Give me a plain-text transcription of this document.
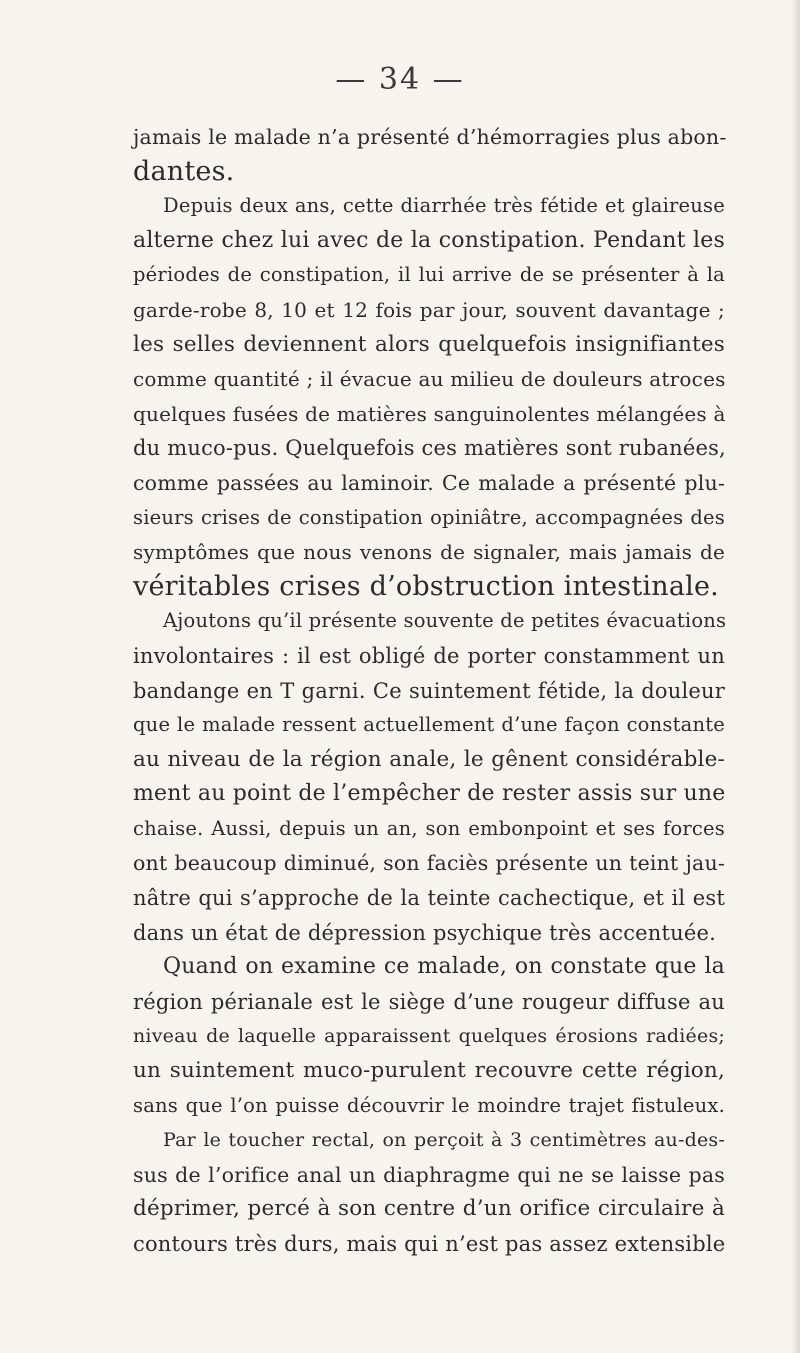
— 34 —
jamais le malade n’a présenté d’hémorragies plus abon-
dantes.
Depuis deux ans, cette diarrhée très fétide et glaireuse
alterne chez lui avec de la constipation. Pendant les
périodes de constipation, il lui arrive de se présenter à la
garde-robe 8, 10 et 12 fois par jour, souvent davantage ;
les selles deviennent alors quelquefois insignifiantes
comme quantité ; il évacue au milieu de douleurs atroces
quelques fusées de matières sanguinolentes mélangées à
du muco-pus. Quelquefois ces matières sont rubanées,
comme passées au laminoir. Ce malade a présenté plu-
sieurs crises de constipation opiniâtre, accompagnées des
symptômes que nous venons de signaler, mais jamais de
véritables crises d’obstruction intestinale.
Ajoutons qu’il présente souvente de petites évacuations
involontaires : il est obligé de porter constamment un
bandange en T garni. Ce suintement fétide, la douleur
que le malade ressent actuellement d’une façon constante
au niveau de la région anale, le gênent considérable-
ment au point de l’empêcher de rester assis sur une
chaise. Aussi, depuis un an, son embonpoint et ses forces
ont beaucoup diminué, son faciès présente un teint jau-
nâtre qui s’approche de la teinte cachectique, et il est
dans un état de dépression psychique très accentuée.
Quand on examine ce malade, on constate que la
région périanale est le siège d’une rougeur diffuse au
niveau de laquelle apparaissent quelques érosions radiées;
un suintement muco-purulent recouvre cette région,
sans que l’on puisse découvrir le moindre trajet fistuleux.
Par le toucher rectal, on perçoit à 3 centimètres au-des-
sus de l’orifice anal un diaphragme qui ne se laisse pas
déprimer, percé à son centre d’un orifice circulaire à
contours très durs, mais qui n’est pas assez extensible
